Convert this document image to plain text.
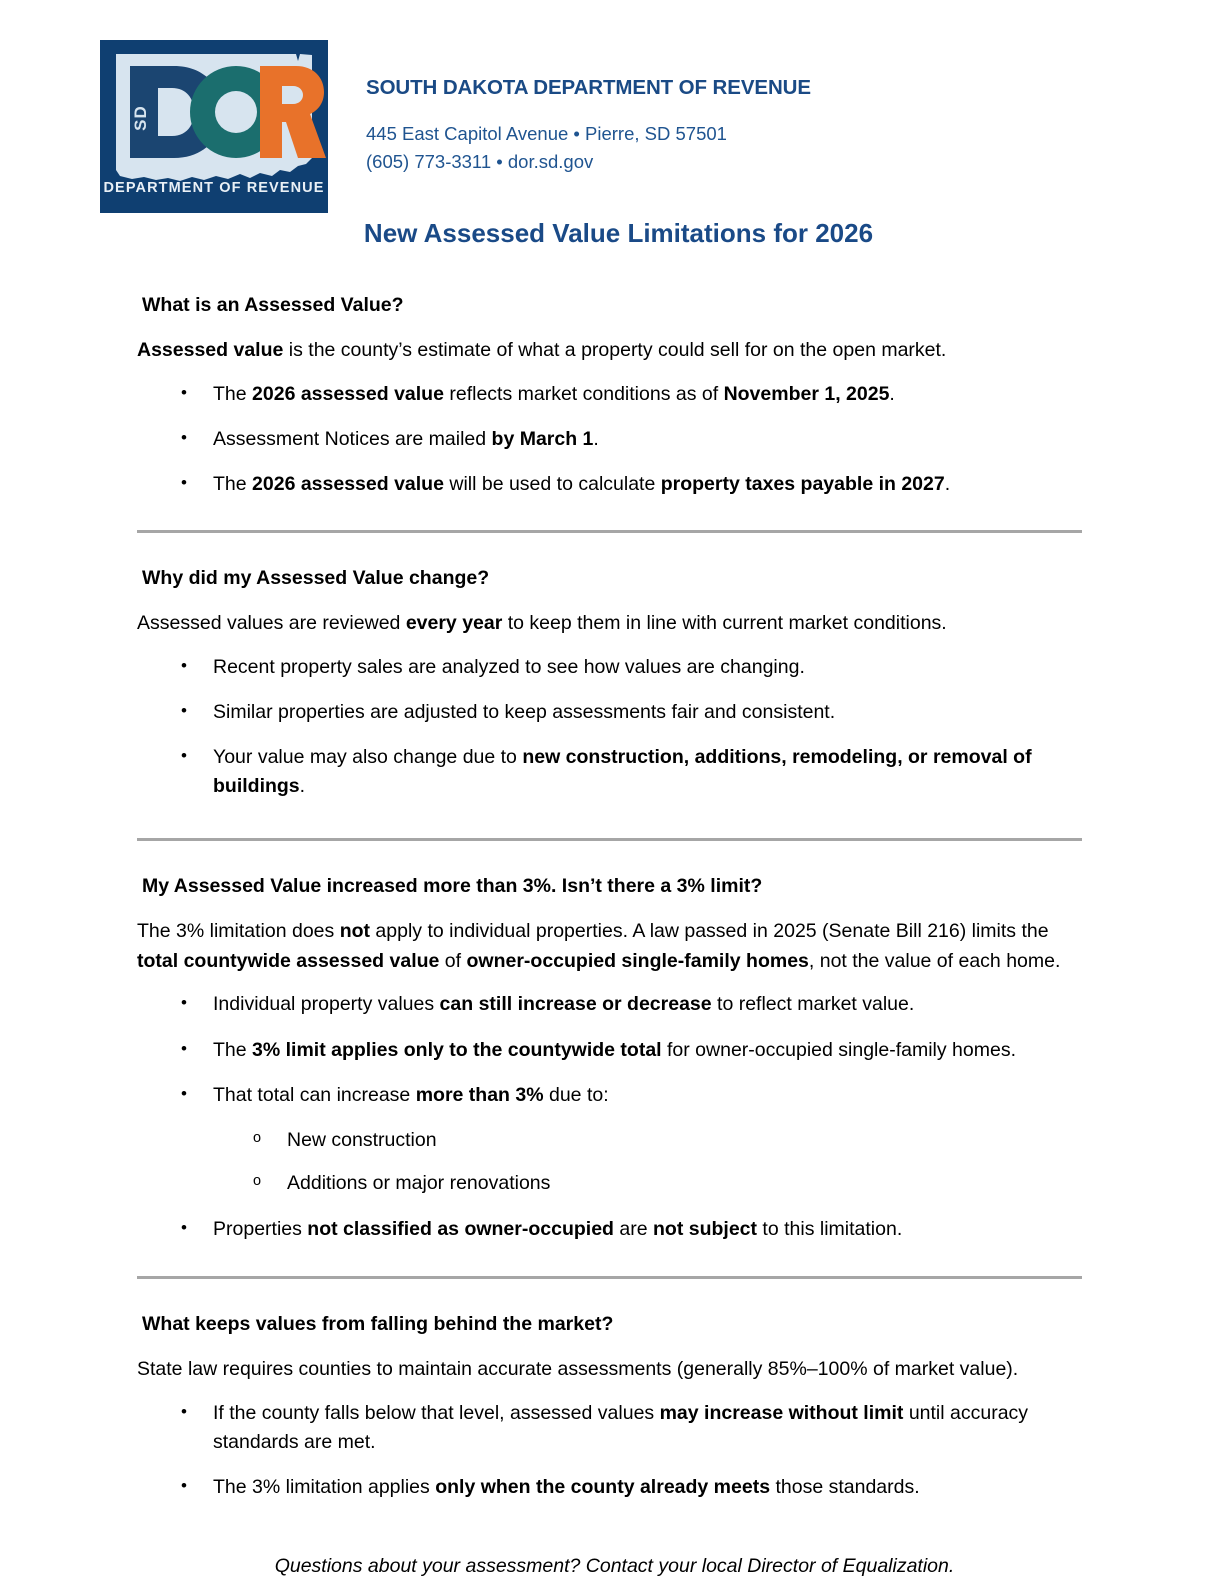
SD
DEPARTMENT OF REVENUE
SOUTH DAKOTA DEPARTMENT OF REVENUE
445 East Capitol Avenue • Pierre, SD 57501
(605) 773-3311 • dor.sd.gov
New Assessed Value Limitations for 2026
What is an Assessed Value?

Assessed value is the county’s estimate of what a property could sell for on the open market.

• The 2026 assessed value reflects market conditions as of November 1, 2025.
• Assessment Notices are mailed by March 1.
• The 2026 assessed value will be used to calculate property taxes payable in 2027.
Why did my Assessed Value change?

Assessed values are reviewed every year to keep them in line with current market conditions.

• Recent property sales are analyzed to see how values are changing.
• Similar properties are adjusted to keep assessments fair and consistent.
• Your value may also change due to new construction, additions, remodeling, or removal of buildings.
My Assessed Value increased more than 3%. Isn’t there a 3% limit?

The 3% limitation does not apply to individual properties. A law passed in 2025 (Senate Bill 216) limits the total countywide assessed value of owner-occupied single-family homes, not the value of each home.

• Individual property values can still increase or decrease to reflect market value.
• The 3% limit applies only to the countywide total for owner-occupied single-family homes.
• That total can increase more than 3% due to:
o New construction
o Additions or major renovations
• Properties not classified as owner-occupied are not subject to this limitation.
What keeps values from falling behind the market?

State law requires counties to maintain accurate assessments (generally 85%–100% of market value).

• If the county falls below that level, assessed values may increase without limit until accuracy standards are met.
• The 3% limitation applies only when the county already meets those standards.
Questions about your assessment? Contact your local Director of Equalization.
